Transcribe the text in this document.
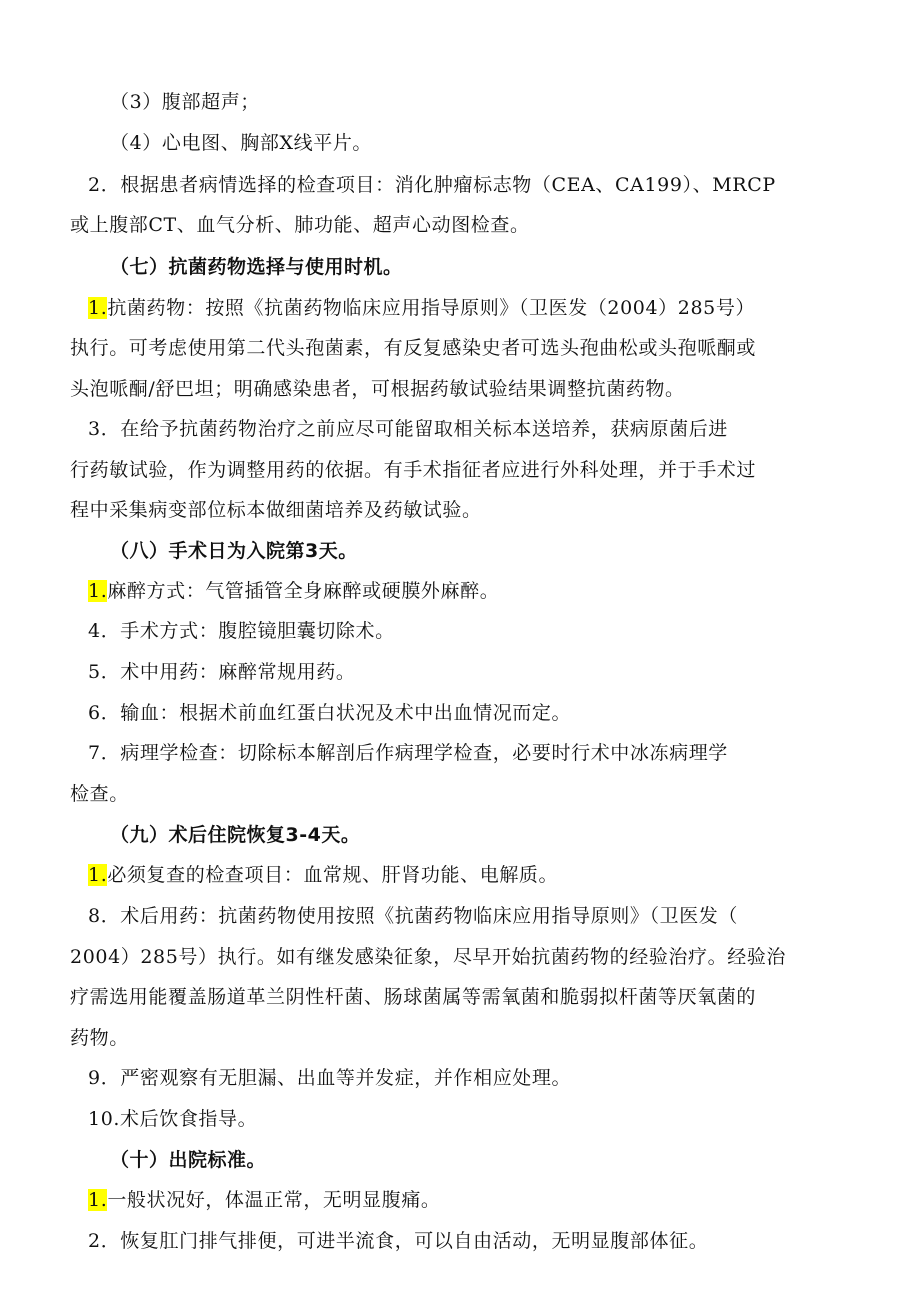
（3）腹部超声；
（4）心电图、胸部X线平片。
2．根据患者病情选择的检查项目：消化肿瘤标志物（CEA、CA199）、MRCP
或上腹部CT、血气分析、肺功能、超声心动图检查。
（七）抗菌药物选择与使用时机。
1.抗菌药物：按照《抗菌药物临床应用指导原则》（卫医发（2004）285号）
执行。可考虑使用第二代头孢菌素，有反复感染史者可选头孢曲松或头孢哌酮或
头泡哌酮/舒巴坦；明确感染患者，可根据药敏试验结果调整抗菌药物。
3．在给予抗菌药物治疗之前应尽可能留取相关标本送培养，获病原菌后进
行药敏试验，作为调整用药的依据。有手术指征者应进行外科处理，并于手术过
程中采集病变部位标本做细菌培养及药敏试验。
（八）手术日为入院第3天。
1.麻醉方式：气管插管全身麻醉或硬膜外麻醉。
4．手术方式：腹腔镜胆囊切除术。
5．术中用药：麻醉常规用药。
6．输血：根据术前血红蛋白状况及术中出血情况而定。
7．病理学检查：切除标本解剖后作病理学检查，必要时行术中冰冻病理学
检查。
（九）术后住院恢复3-4天。
1.必须复查的检查项目：血常规、肝肾功能、电解质。
8．术后用药：抗菌药物使用按照《抗菌药物临床应用指导原则》（卫医发（
2004）285号）执行。如有继发感染征象，尽早开始抗菌药物的经验治疗。经验治
疗需选用能覆盖肠道革兰阴性杆菌、肠球菌属等需氧菌和脆弱拟杆菌等厌氧菌的
药物。
9．严密观察有无胆漏、出血等并发症，并作相应处理。
10.术后饮食指导。
（十）出院标准。
1.一般状况好，体温正常，无明显腹痛。
2．恢复肛门排气排便，可进半流食，可以自由活动，无明显腹部体征。
